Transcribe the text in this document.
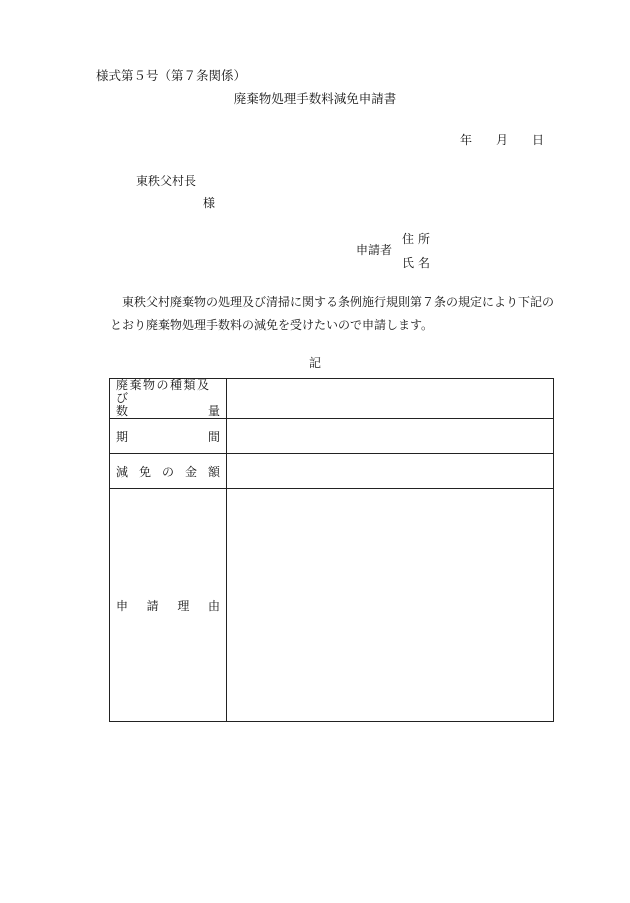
様式第５号（第７条関係）
廃棄物処理手数料減免申請書
年 月 日
東秩父村長
様
申請者
住所
氏名
東秩父村廃棄物の処理及び清掃に関する条例施行規則第７条の規定により下記のとおり廃棄物処理手数料の減免を受けたいので申請します。
記
廃棄物の種類及び
数 量	

期 間	

減 免 の 金 額	

申 請 理 由	
